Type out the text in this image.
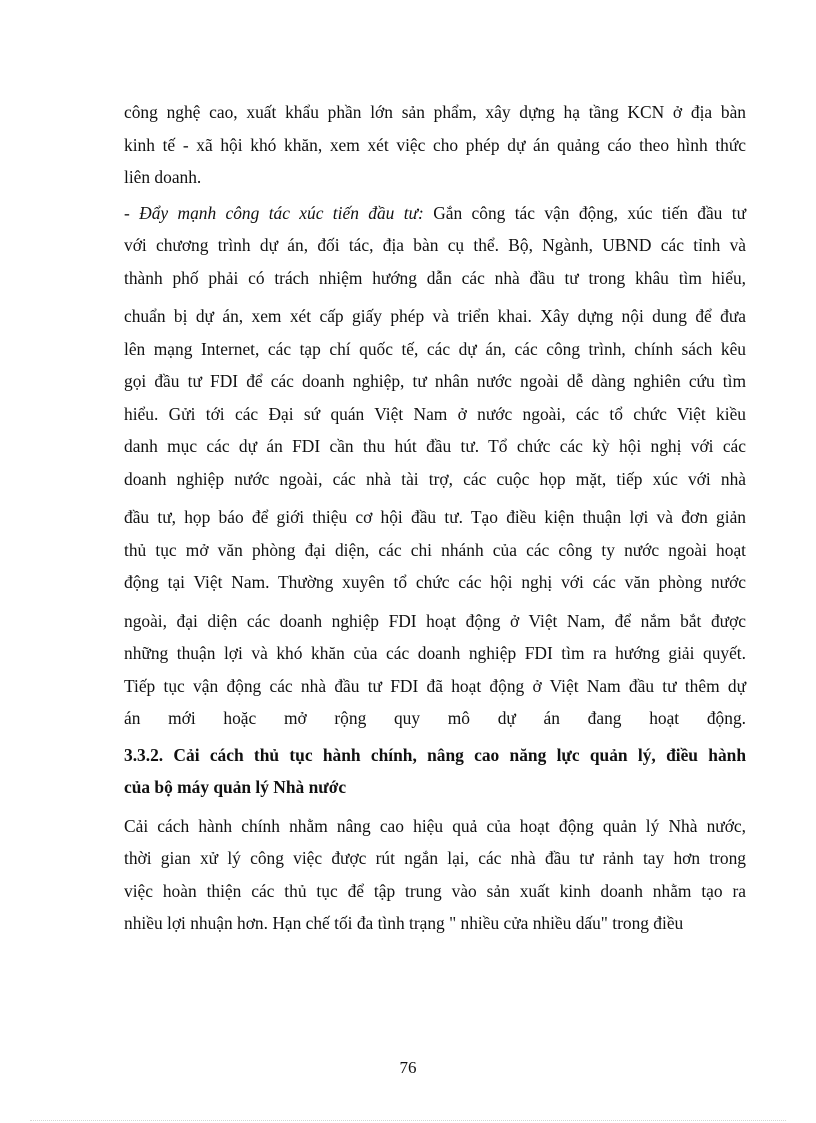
công nghệ cao, xuất khẩu phần lớn sản phẩm, xây dựng hạ tầng KCN ở địa bàn
kinh tế - xã hội khó khăn, xem xét việc cho phép dự án quảng cáo theo hình thức
liên doanh.
- Đẩy mạnh công tác xúc tiến đầu tư: Gắn công tác vận động, xúc tiến đầu tư
với chương trình dự án, đối tác, địa bàn cụ thể. Bộ, Ngành, UBND các tỉnh và
thành phố phải có trách nhiệm hướng dẫn các nhà đầu tư trong khâu tìm hiểu,
chuẩn bị dự án, xem xét cấp giấy phép và triển khai. Xây dựng nội dung để đưa
lên mạng Internet, các tạp chí quốc tế, các dự án, các công trình, chính sách kêu
gọi đầu tư FDI để các doanh nghiệp, tư nhân nước ngoài dễ dàng nghiên cứu tìm
hiểu. Gửi tới các Đại sứ quán Việt Nam ở nước ngoài, các tổ chức Việt kiều
danh mục các dự án FDI cần thu hút đầu tư. Tổ chức các kỳ hội nghị với các
doanh nghiệp nước ngoài, các nhà tài trợ, các cuộc họp mặt, tiếp xúc với nhà
đầu tư, họp báo để giới thiệu cơ hội đầu tư. Tạo điều kiện thuận lợi và đơn giản
thủ tục mở văn phòng đại diện, các chi nhánh của các công ty nước ngoài hoạt
động tại Việt Nam. Thường xuyên tổ chức các hội nghị với các văn phòng nước
ngoài, đại diện các doanh nghiệp FDI hoạt động ở Việt Nam, để nắm bắt được
những thuận lợi và khó khăn của các doanh nghiệp FDI tìm ra hướng giải quyết.
Tiếp tục vận động các nhà đầu tư FDI đã hoạt động ở Việt Nam đầu tư thêm dự
án mới hoặc mở rộng quy mô dự án đang hoạt động.
3.3.2. Cải cách thủ tục hành chính, nâng cao năng lực quản lý, điều hành
của bộ máy quản lý Nhà nước
Cải cách hành chính nhằm nâng cao hiệu quả của hoạt động quản lý Nhà nước,
thời gian xử lý công việc được rút ngắn lại, các nhà đầu tư rảnh tay hơn trong
việc hoàn thiện các thủ tục để tập trung vào sản xuất kinh doanh nhằm tạo ra
nhiều lợi nhuận hơn. Hạn chế tối đa tình trạng " nhiều cửa nhiều dấu" trong điều
76
